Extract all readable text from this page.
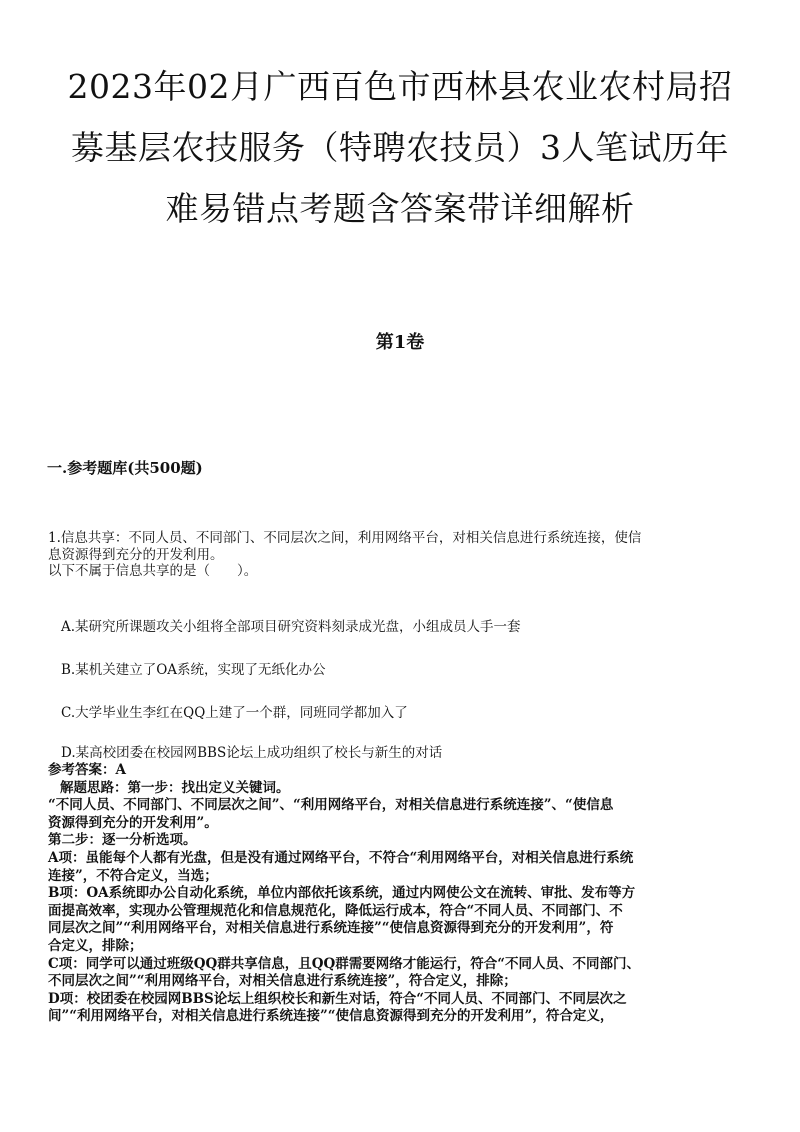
2023年02月广西百色市西林县农业农村局招
募基层农技服务（特聘农技员）3人笔试历年
难易错点考题含答案带详细解析
第1卷
一.参考题库(共500题)
1.信息共享：不同人员、不同部门、不同层次之间，利用网络平台，对相关信息进行系统连接，使信
息资源得到充分的开发利用。
以下不属于信息共享的是（　　）。
A.某研究所课题攻关小组将全部项目研究资料刻录成光盘，小组成员人手一套
B.某机关建立了OA系统，实现了无纸化办公
C.大学毕业生李红在QQ上建了一个群，同班同学都加入了
D.某高校团委在校园网BBS论坛上成功组织了校长与新生的对话
参考答案：A
解题思路：第一步：找出定义关键词。
“不同人员、不同部门、不同层次之间”、“利用网络平台，对相关信息进行系统连接”、“使信息
资源得到充分的开发利用”。
第二步：逐一分析选项。
A项：虽能每个人都有光盘，但是没有通过网络平台，不符合“利用网络平台，对相关信息进行系统
连接”，不符合定义，当选；
B项：OA系统即办公自动化系统，单位内部依托该系统，通过内网使公文在流转、审批、发布等方
面提高效率，实现办公管理规范化和信息规范化，降低运行成本，符合“不同人员、不同部门、不
同层次之间”“利用网络平台，对相关信息进行系统连接”“使信息资源得到充分的开发利用”，符
合定义，排除；
C项：同学可以通过班级QQ群共享信息，且QQ群需要网络才能运行，符合“不同人员、不同部门、
不同层次之间”“利用网络平台，对相关信息进行系统连接”，符合定义，排除；
D项：校团委在校园网BBS论坛上组织校长和新生对话，符合“不同人员、不同部门、不同层次之
间”“利用网络平台，对相关信息进行系统连接”“使信息资源得到充分的开发利用”，符合定义，
